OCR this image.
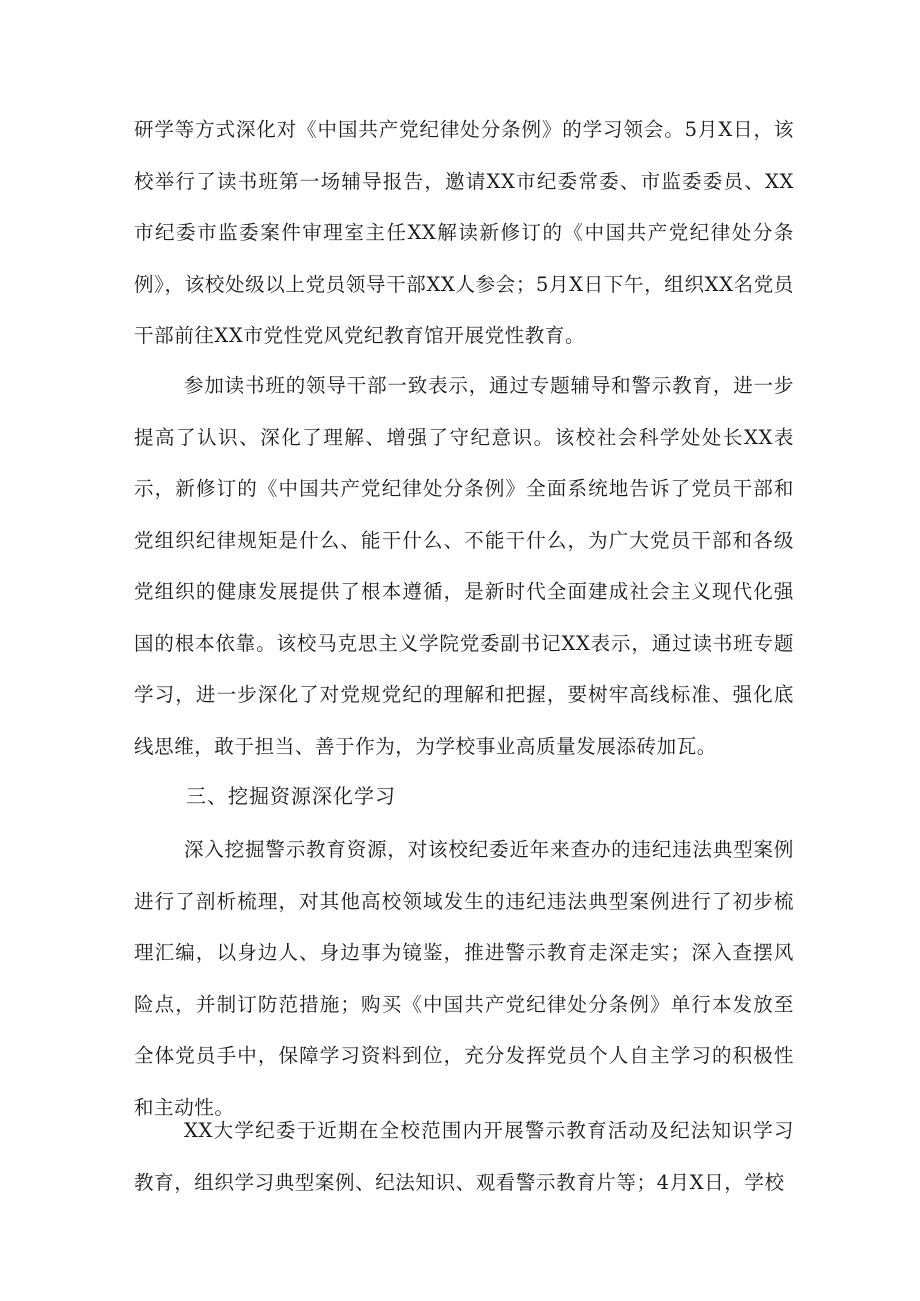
研学等方式深化对《中国共产党纪律处分条例》的学习领会。5月X日，该校举行了读书班第一场辅导报告，邀请XX市纪委常委、市监委委员、XX市纪委市监委案件审理室主任XX解读新修订的《中国共产党纪律处分条例》，该校处级以上党员领导干部XX人参会；5月X日下午，组织XX名党员干部前往XX市党性党风党纪教育馆开展党性教育。

参加读书班的领导干部一致表示，通过专题辅导和警示教育，进一步提高了认识、深化了理解、增强了守纪意识。该校社会科学处处长XX表示，新修订的《中国共产党纪律处分条例》全面系统地告诉了党员干部和党组织纪律规矩是什么、能干什么、不能干什么，为广大党员干部和各级党组织的健康发展提供了根本遵循，是新时代全面建成社会主义现代化强国的根本依靠。该校马克思主义学院党委副书记XX表示，通过读书班专题学习，进一步深化了对党规党纪的理解和把握，要树牢高线标准、强化底线思维，敢于担当、善于作为，为学校事业高质量发展添砖加瓦。

三、挖掘资源深化学习

深入挖掘警示教育资源，对该校纪委近年来查办的违纪违法典型案例进行了剖析梳理，对其他高校领域发生的违纪违法典型案例进行了初步梳理汇编，以身边人、身边事为镜鉴，推进警示教育走深走实；深入查摆风险点，并制订防范措施；购买《中国共产党纪律处分条例》单行本发放至全体党员手中，保障学习资料到位，充分发挥党员个人自主学习的积极性和主动性。

XX大学纪委于近期在全校范围内开展警示教育活动及纪法知识学习教育，组织学习典型案例、纪法知识、观看警示教育片等；4月X日，学校
